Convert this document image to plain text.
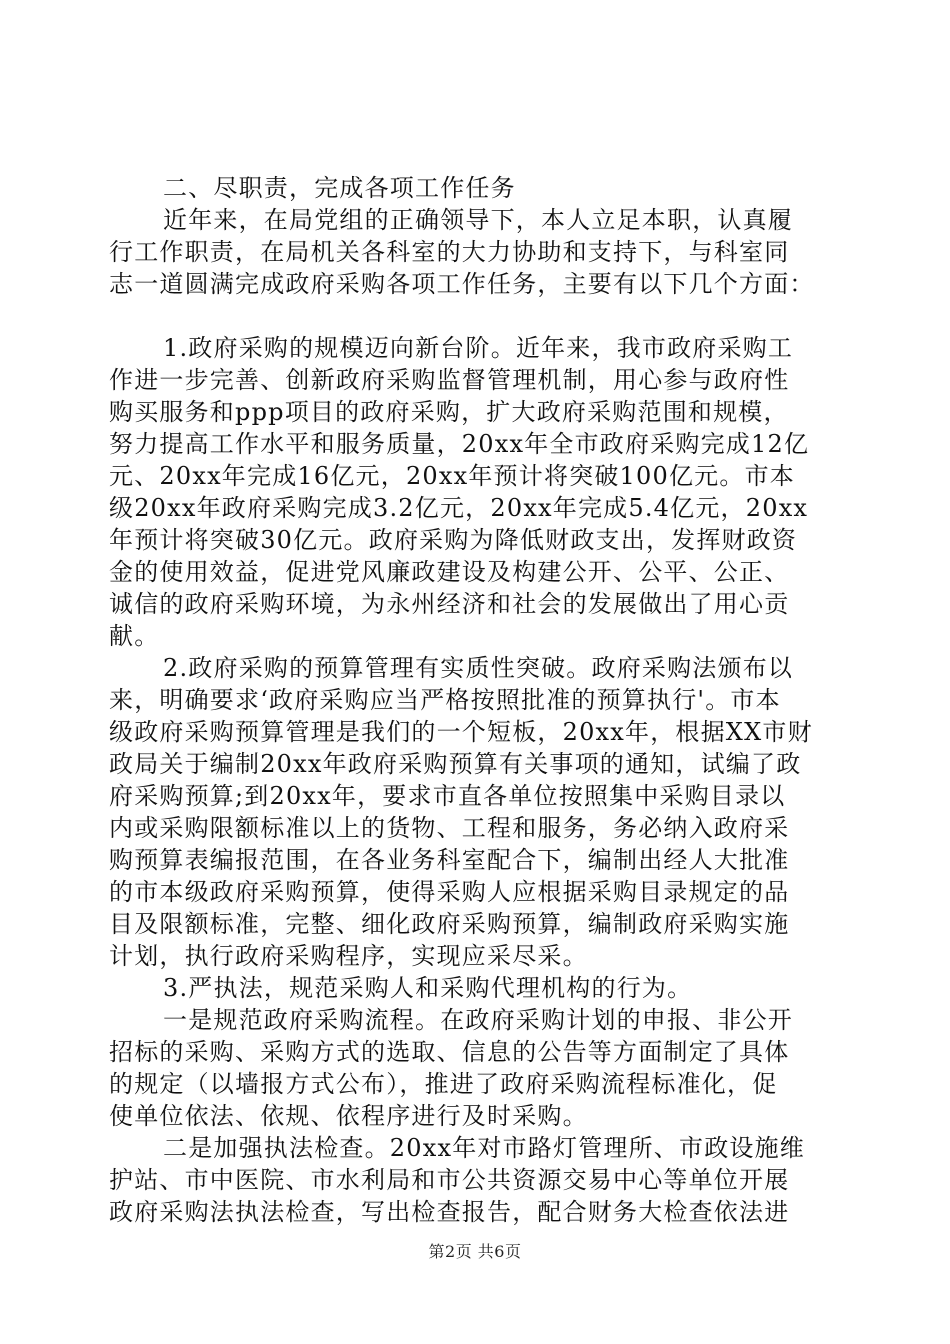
二、尽职责，完成各项工作任务
近年来，在局党组的正确领导下，本人立足本职，认真履
行工作职责，在局机关各科室的大力协助和支持下，与科室同
志一道圆满完成政府采购各项工作任务，主要有以下几个方面：
1.政府采购的规模迈向新台阶。近年来，我市政府采购工
作进一步完善、创新政府采购监督管理机制，用心参与政府性
购买服务和ppp项目的政府采购，扩大政府采购范围和规模，
努力提高工作水平和服务质量，20xx年全市政府采购完成12亿
元、20xx年完成16亿元，20xx年预计将突破100亿元。市本
级20xx年政府采购完成3.2亿元，20xx年完成5.4亿元，20xx
年预计将突破30亿元。政府采购为降低财政支出，发挥财政资
金的使用效益，促进党风廉政建设及构建公开、公平、公正、
诚信的政府采购环境，为永州经济和社会的发展做出了用心贡
献。
2.政府采购的预算管理有实质性突破。政府采购法颁布以
来，明确要求‘政府采购应当严格按照批准的预算执行'。市本
级政府采购预算管理是我们的一个短板，20xx年，根据XX市财
政局关于编制20xx年政府采购预算有关事项的通知，试编了政
府采购预算;到20xx年，要求市直各单位按照集中采购目录以
内或采购限额标准以上的货物、工程和服务，务必纳入政府采
购预算表编报范围，在各业务科室配合下，编制出经人大批准
的市本级政府采购预算，使得采购人应根据采购目录规定的品
目及限额标准，完整、细化政府采购预算，编制政府采购实施
计划，执行政府采购程序，实现应采尽采。
3.严执法，规范采购人和采购代理机构的行为。
一是规范政府采购流程。在政府采购计划的申报、非公开
招标的采购、采购方式的选取、信息的公告等方面制定了具体
的规定（以墙报方式公布），推进了政府采购流程标准化，促
使单位依法、依规、依程序进行及时采购。
二是加强执法检查。20xx年对市路灯管理所、市政设施维
护站、市中医院、市水利局和市公共资源交易中心等单位开展
政府采购法执法检查，写出检查报告，配合财务大检查依法进
第2页 共6页
